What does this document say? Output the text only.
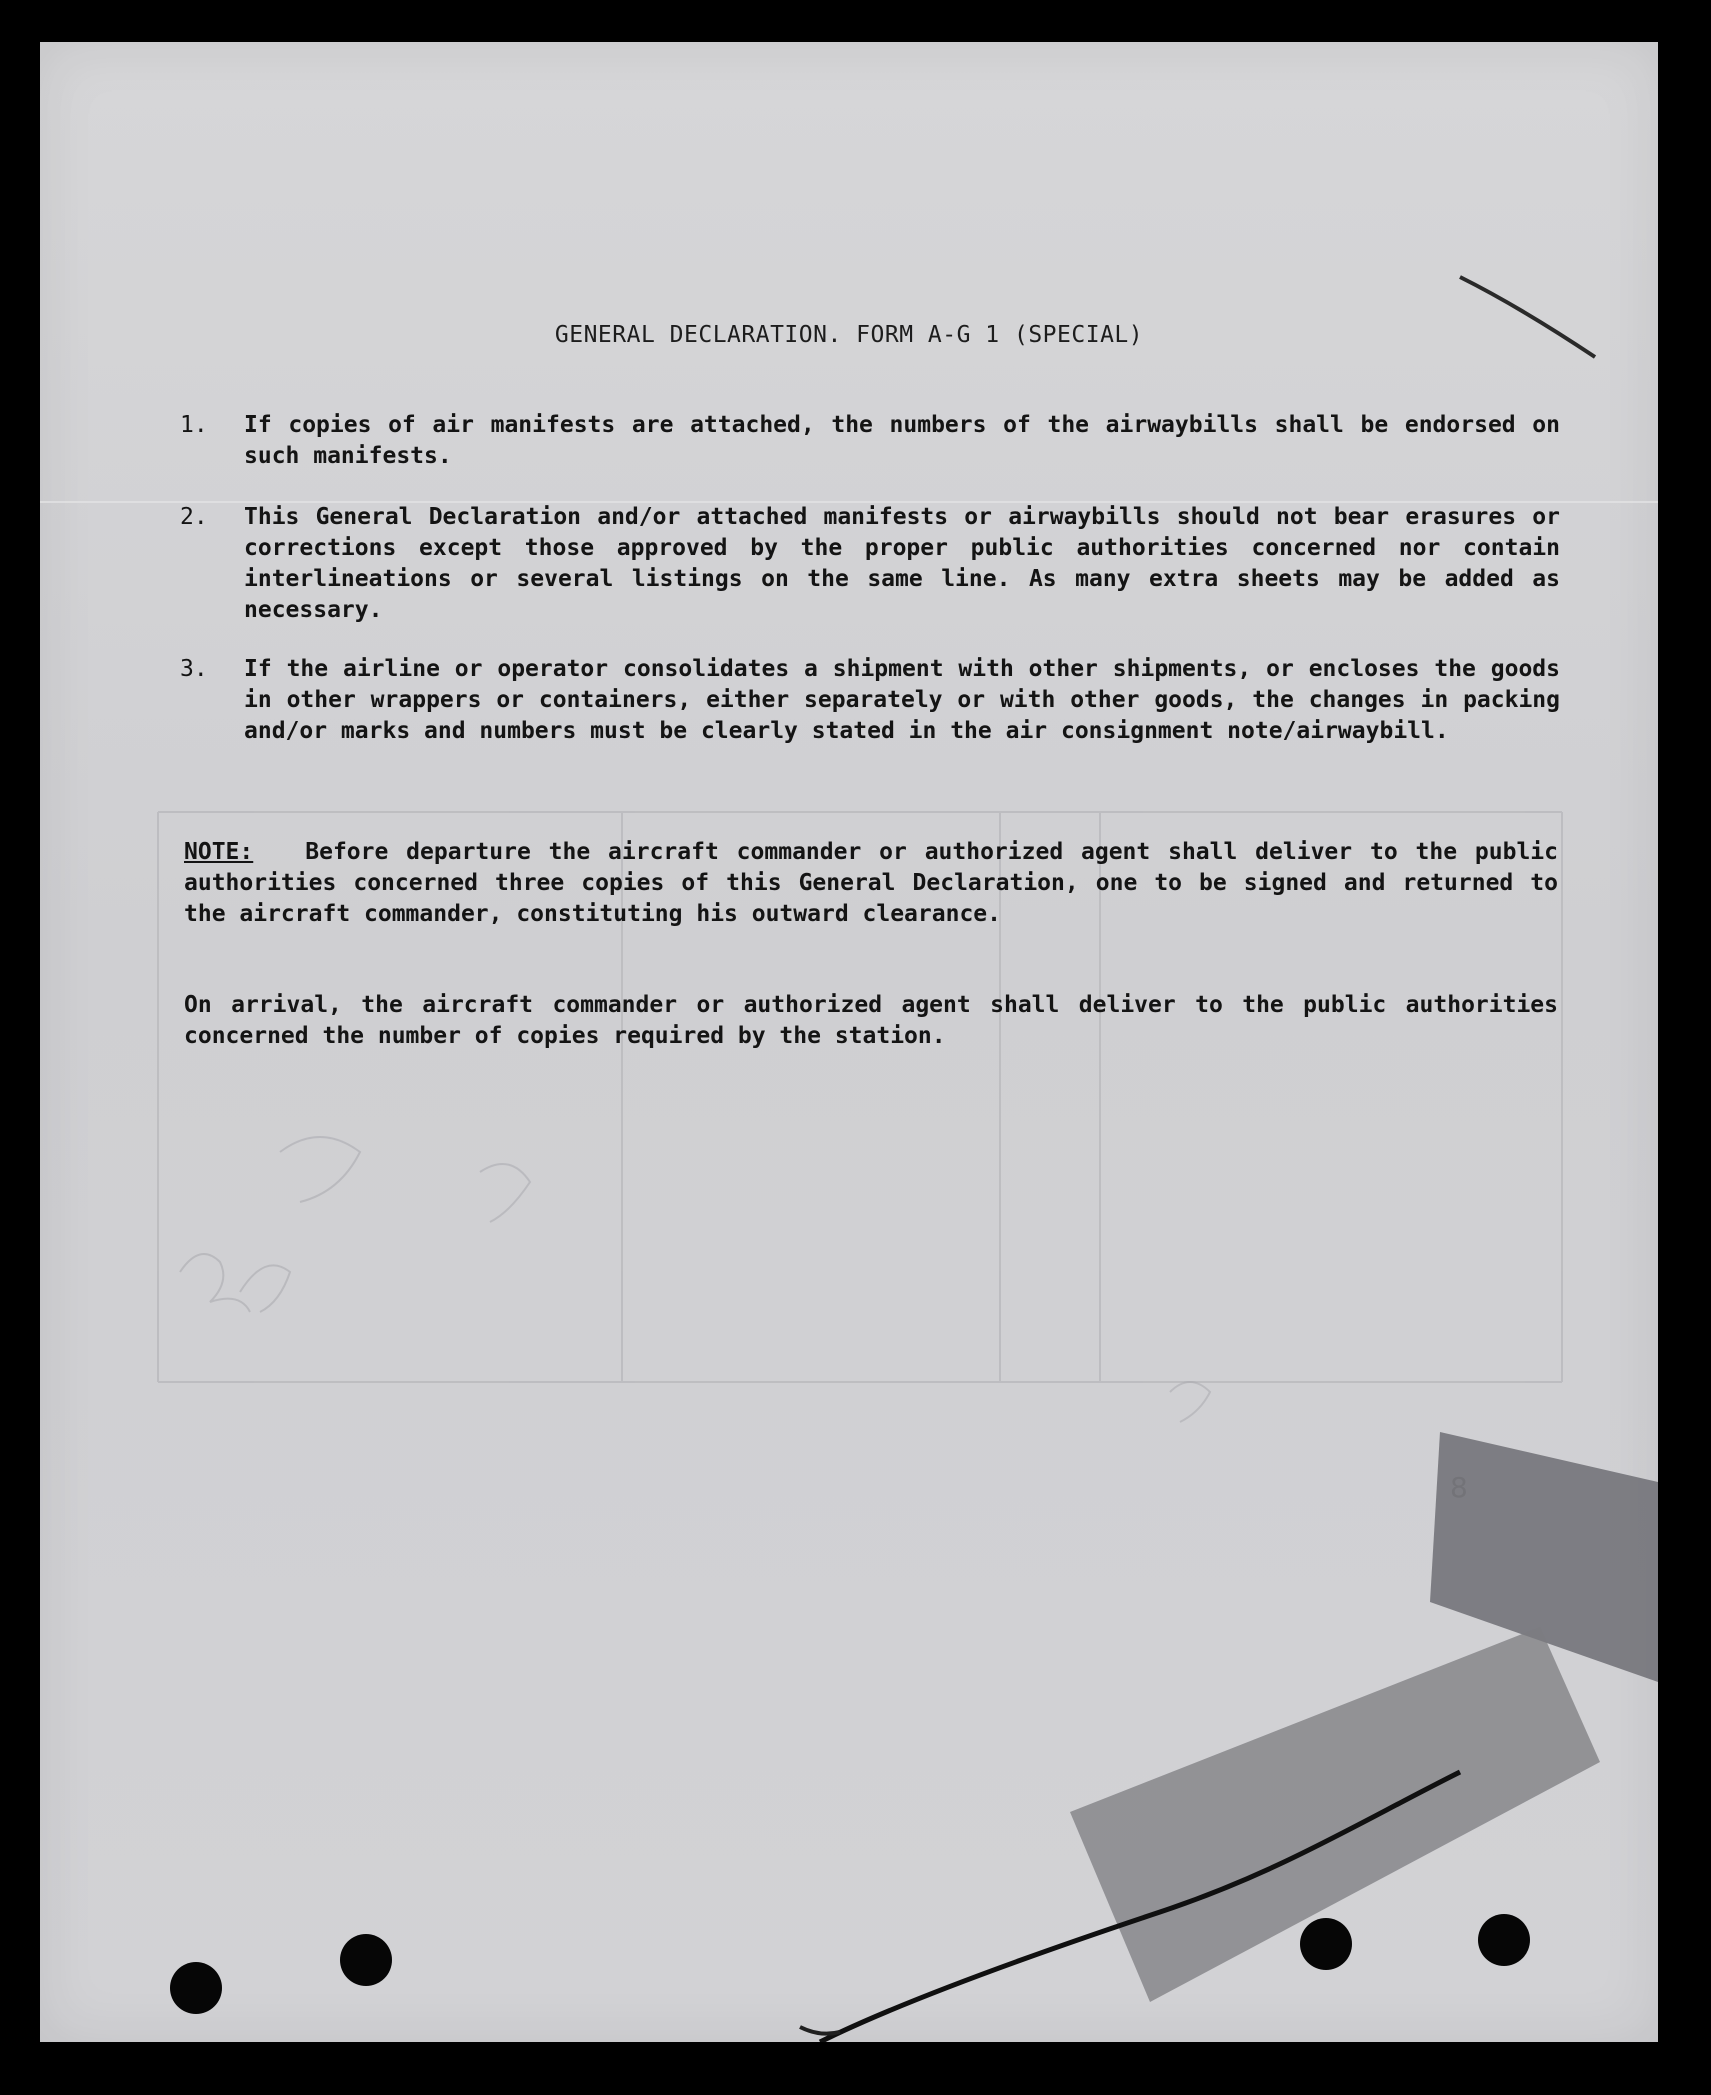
GENERAL DECLARATION. FORM A-G 1 (SPECIAL)
1. If copies of air manifests are attached, the numbers of the airwaybills shall be endorsed on such manifests.
2. This General Declaration and/or attached manifests or airwaybills should not bear erasures or corrections except those approved by the proper public authorities concerned nor contain interlineations or several listings on the same line. As many extra sheets may be added as necessary.
3. If the airline or operator consolidates a shipment with other shipments, or encloses the goods in other wrappers or containers, either separately or with other goods, the changes in packing and/or marks and numbers must be clearly stated in the air consignment note/airwaybill.
NOTE: Before departure the aircraft commander or authorized agent shall deliver to the public authorities concerned three copies of this General Declaration, one to be signed and returned to the aircraft commander, constituting his outward clearance.
On arrival, the aircraft commander or authorized agent shall deliver to the public authorities concerned the number of copies required by the station.
